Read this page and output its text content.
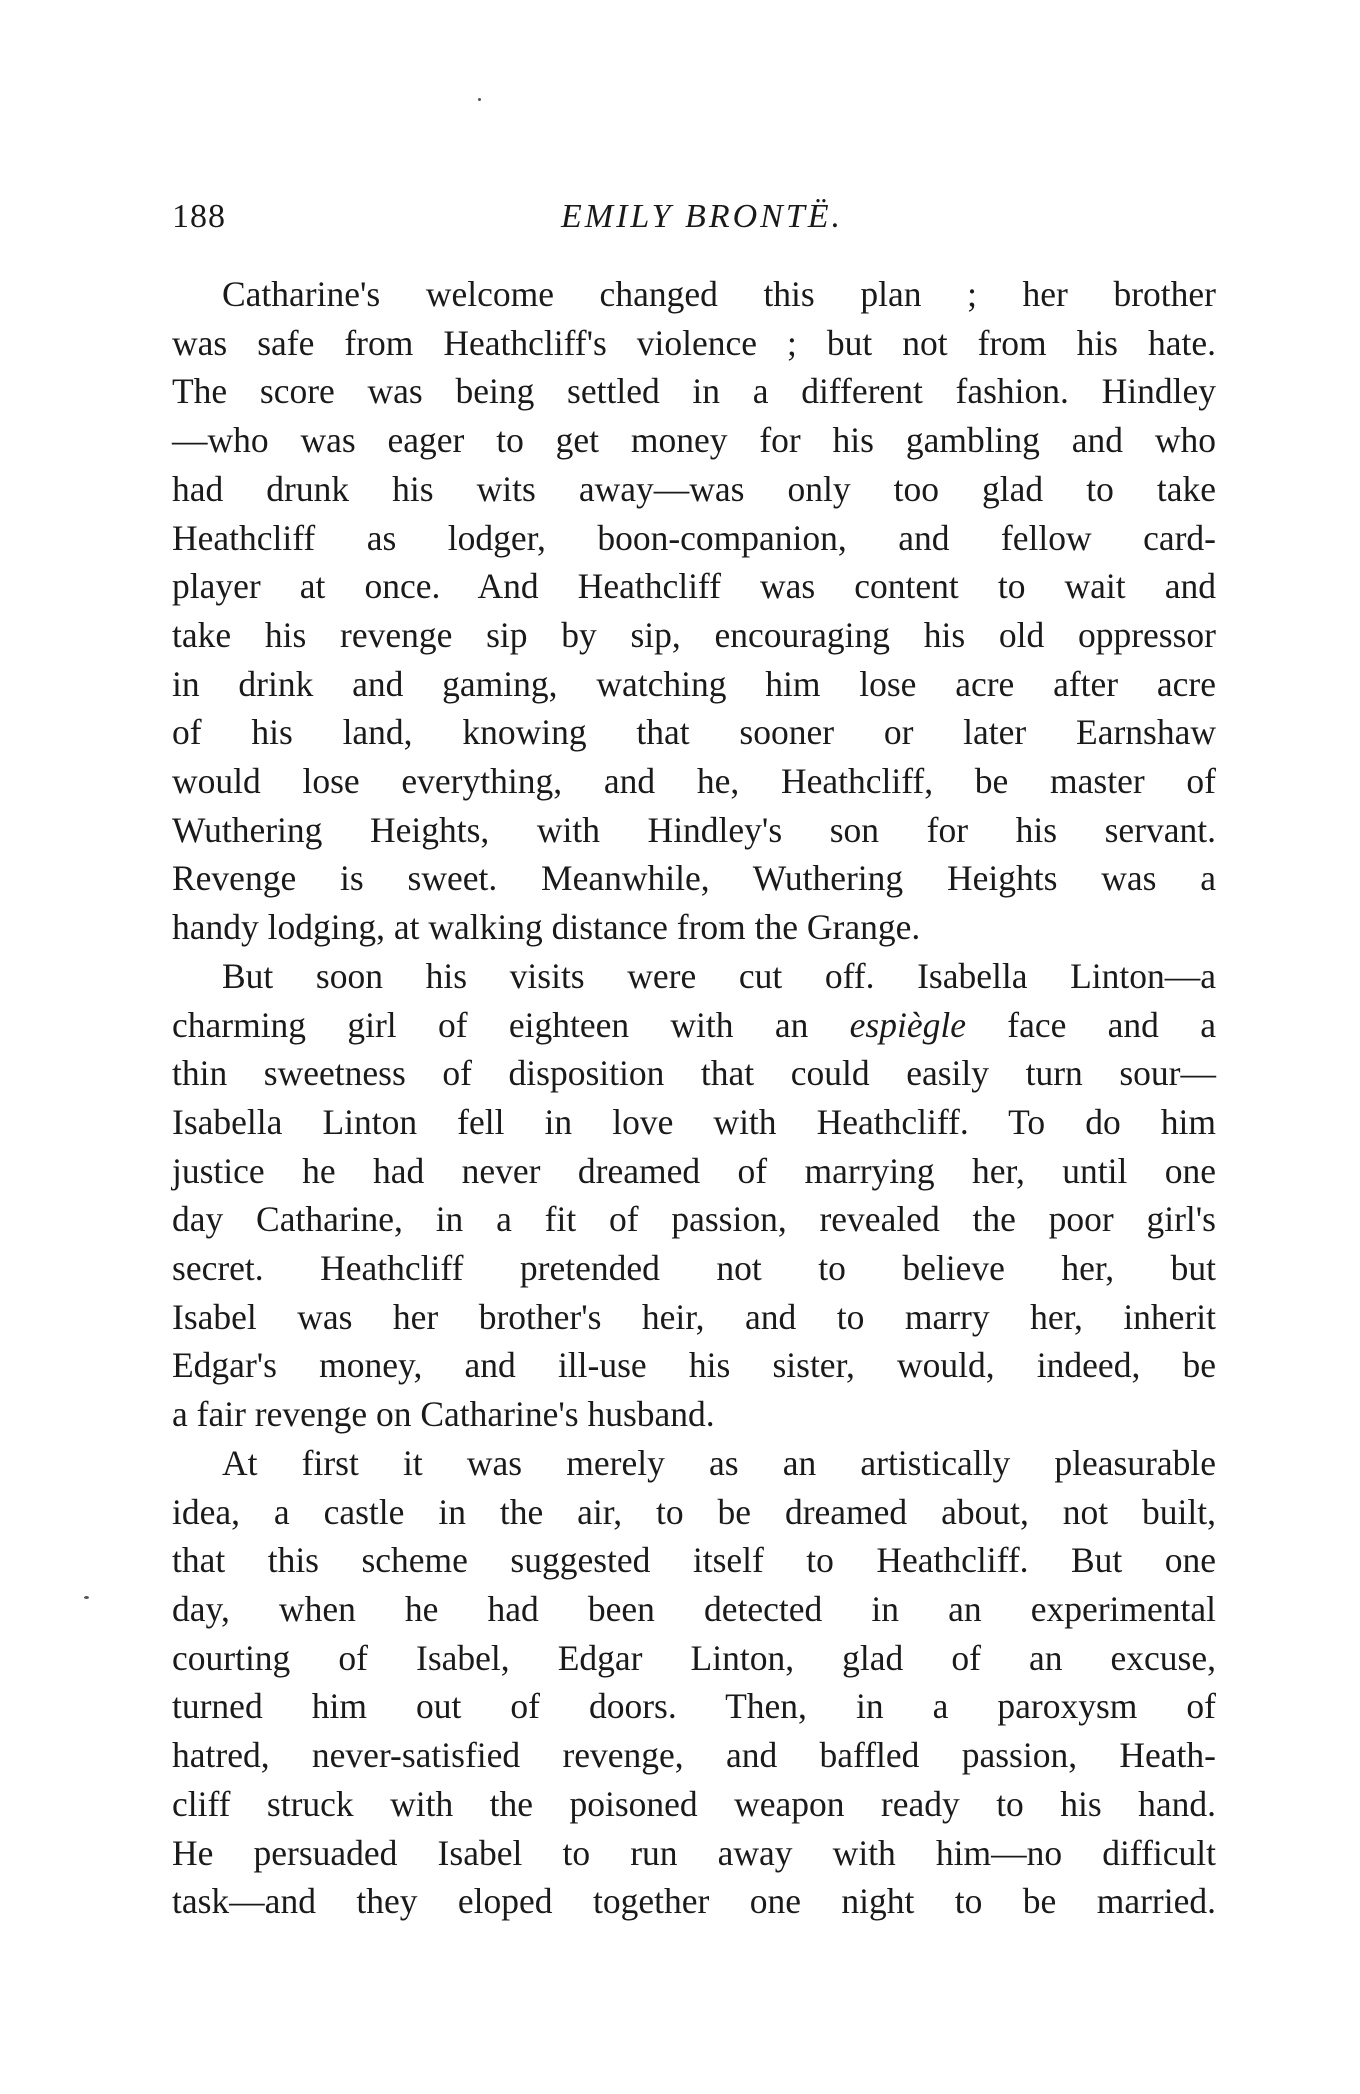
188	EMILY BRONTË.
Catharine's welcome changed this plan ; her brother
was safe from Heathcliff's violence ; but not from his hate.
The score was being settled in a different fashion. Hindley
—who was eager to get money for his gambling and who
had drunk his wits away—was only too glad to take
Heathcliff as lodger, boon-companion, and fellow card-
player at once. And Heathcliff was content to wait and
take his revenge sip by sip, encouraging his old oppressor
in drink and gaming, watching him lose acre after acre
of his land, knowing that sooner or later Earnshaw
would lose everything, and he, Heathcliff, be master of
Wuthering Heights, with Hindley's son for his servant.
Revenge is sweet. Meanwhile, Wuthering Heights was a
handy lodging, at walking distance from the Grange.
But soon his visits were cut off. Isabella Linton—a
charming girl of eighteen with an espiègle face and a
thin sweetness of disposition that could easily turn sour—
Isabella Linton fell in love with Heathcliff. To do him
justice he had never dreamed of marrying her, until one
day Catharine, in a fit of passion, revealed the poor girl's
secret. Heathcliff pretended not to believe her, but
Isabel was her brother's heir, and to marry her, inherit
Edgar's money, and ill-use his sister, would, indeed, be
a fair revenge on Catharine's husband.
At first it was merely as an artistically pleasurable
idea, a castle in the air, to be dreamed about, not built,
that this scheme suggested itself to Heathcliff. But one
day, when he had been detected in an experimental
courting of Isabel, Edgar Linton, glad of an excuse,
turned him out of doors. Then, in a paroxysm of
hatred, never-satisfied revenge, and baffled passion, Heath-
cliff struck with the poisoned weapon ready to his hand.
He persuaded Isabel to run away with him—no difficult
task—and they eloped together one night to be married.
